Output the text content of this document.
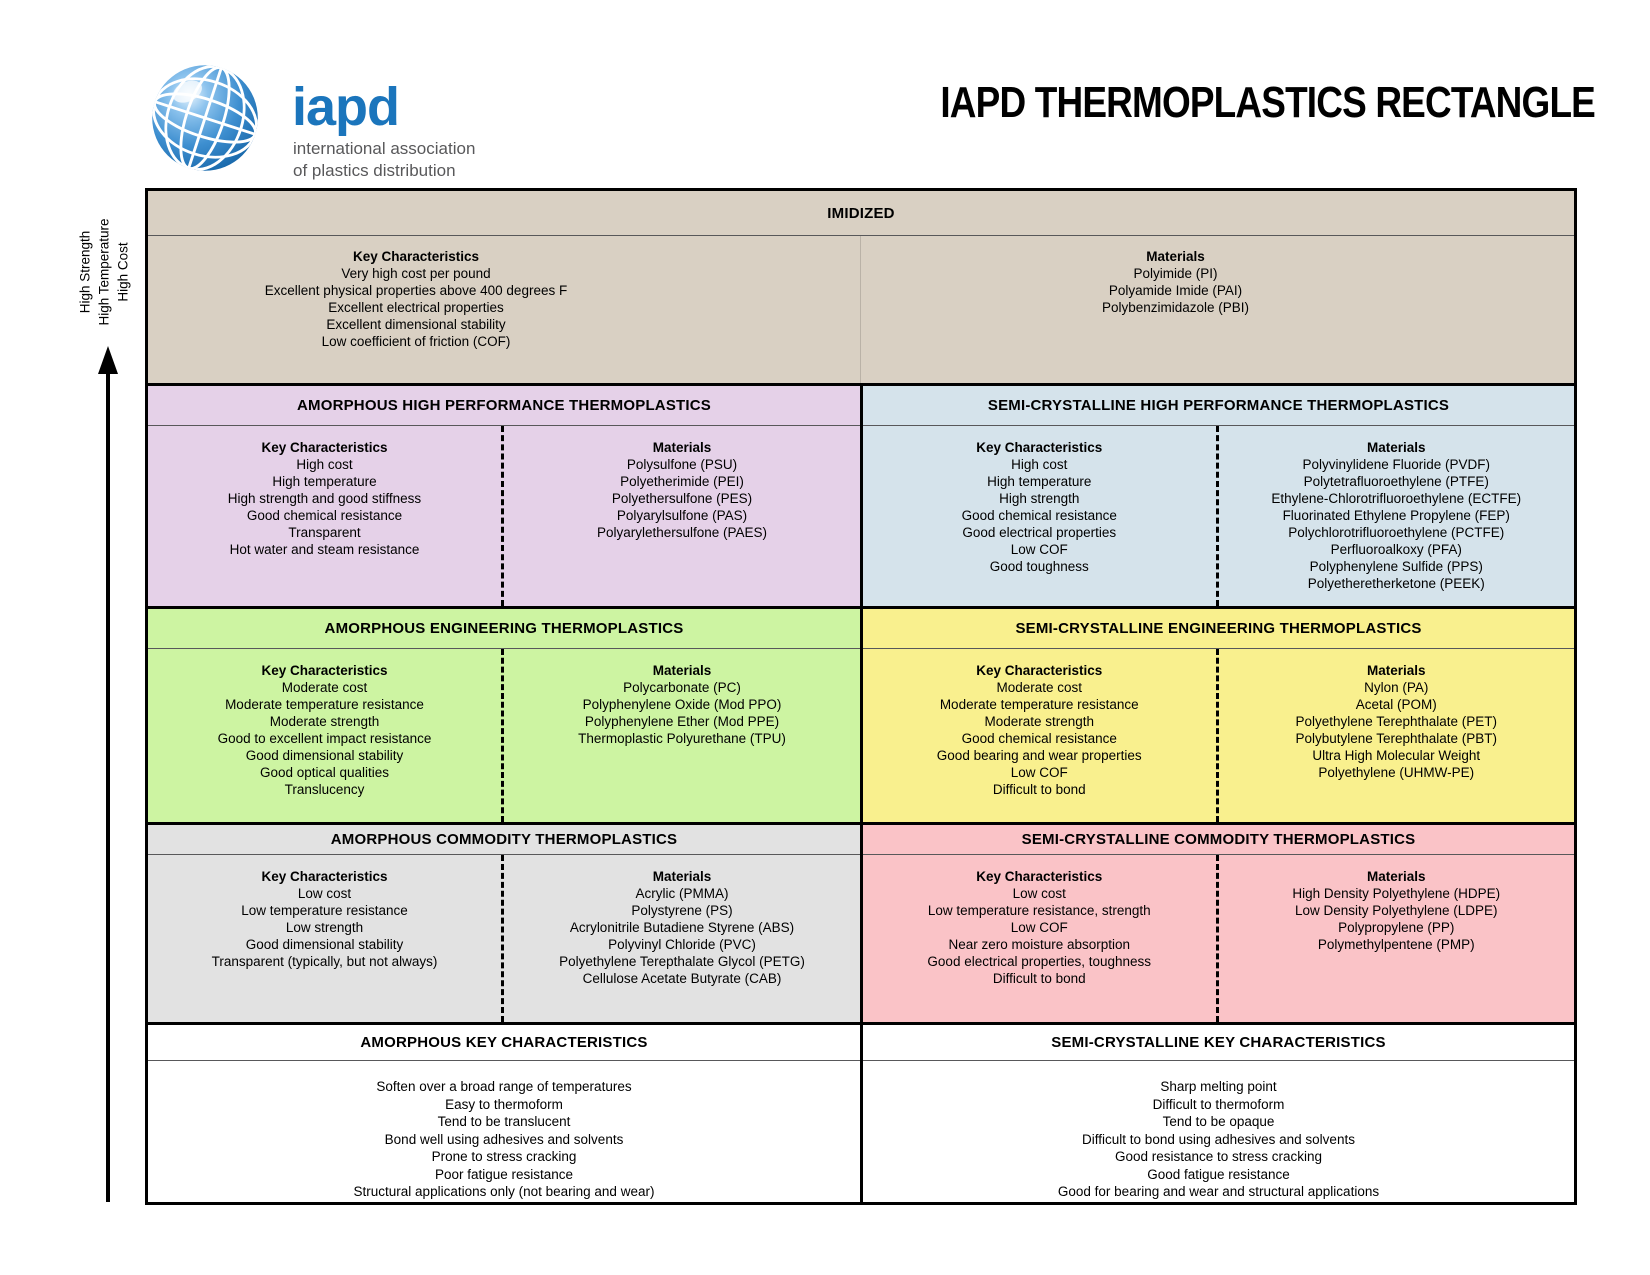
iapd
international association
of plastics distribution
IAPD THERMOPLASTICS RECTANGLE
High Strength High Temperature High Cost
IMIDIZED
Key Characteristics
Very high cost per pound
Excellent physical properties above 400 degrees F
Excellent electrical properties
Excellent dimensional stability
Low coefficient of friction (COF)
Materials
Polyimide (PI)
Polyamide Imide (PAI)
Polybenzimidazole (PBI)
AMORPHOUS HIGH PERFORMANCE THERMOPLASTICS
Key Characteristics
High cost
High temperature
High strength and good stiffness
Good chemical resistance
Transparent
Hot water and steam resistance
Materials
Polysulfone (PSU)
Polyetherimide (PEI)
Polyethersulfone (PES)
Polyarylsulfone (PAS)
Polyarylethersulfone (PAES)
SEMI-CRYSTALLINE HIGH PERFORMANCE THERMOPLASTICS
Key Characteristics
High cost
High temperature
High strength
Good chemical resistance
Good electrical properties
Low COF
Good toughness
Materials
Polyvinylidene Fluoride (PVDF)
Polytetrafluoroethylene (PTFE)
Ethylene-Chlorotrifluoroethylene (ECTFE)
Fluorinated Ethylene Propylene (FEP)
Polychlorotrifluoroethylene (PCTFE)
Perfluoroalkoxy (PFA)
Polyphenylene Sulfide (PPS)
Polyetheretherketone (PEEK)
AMORPHOUS ENGINEERING THERMOPLASTICS
Key Characteristics
Moderate cost
Moderate temperature resistance
Moderate strength
Good to excellent impact resistance
Good dimensional stability
Good optical qualities
Translucency
Materials
Polycarbonate (PC)
Polyphenylene Oxide (Mod PPO)
Polyphenylene Ether (Mod PPE)
Thermoplastic Polyurethane (TPU)
SEMI-CRYSTALLINE ENGINEERING THERMOPLASTICS
Key Characteristics
Moderate cost
Moderate temperature resistance
Moderate strength
Good chemical resistance
Good bearing and wear properties
Low COF
Difficult to bond
Materials
Nylon (PA)
Acetal (POM)
Polyethylene Terephthalate (PET)
Polybutylene Terephthalate (PBT)
Ultra High Molecular Weight
Polyethylene (UHMW-PE)
AMORPHOUS COMMODITY THERMOPLASTICS
Key Characteristics
Low cost
Low temperature resistance
Low strength
Good dimensional stability
Transparent (typically, but not always)
Materials
Acrylic (PMMA)
Polystyrene (PS)
Acrylonitrile Butadiene Styrene (ABS)
Polyvinyl Chloride (PVC)
Polyethylene Terepthalate Glycol (PETG)
Cellulose Acetate Butyrate (CAB)
SEMI-CRYSTALLINE COMMODITY THERMOPLASTICS
Key Characteristics
Low cost
Low temperature resistance, strength
Low COF
Near zero moisture absorption
Good electrical properties, toughness
Difficult to bond
Materials
High Density Polyethylene (HDPE)
Low Density Polyethylene (LDPE)
Polypropylene (PP)
Polymethylpentene (PMP)
AMORPHOUS KEY CHARACTERISTICS
Soften over a broad range of temperatures
Easy to thermoform
Tend to be translucent
Bond well using adhesives and solvents
Prone to stress cracking
Poor fatigue resistance
Structural applications only (not bearing and wear)
SEMI-CRYSTALLINE KEY CHARACTERISTICS
Sharp melting point
Difficult to thermoform
Tend to be opaque
Difficult to bond using adhesives and solvents
Good resistance to stress cracking
Good fatigue resistance
Good for bearing and wear and structural applications
